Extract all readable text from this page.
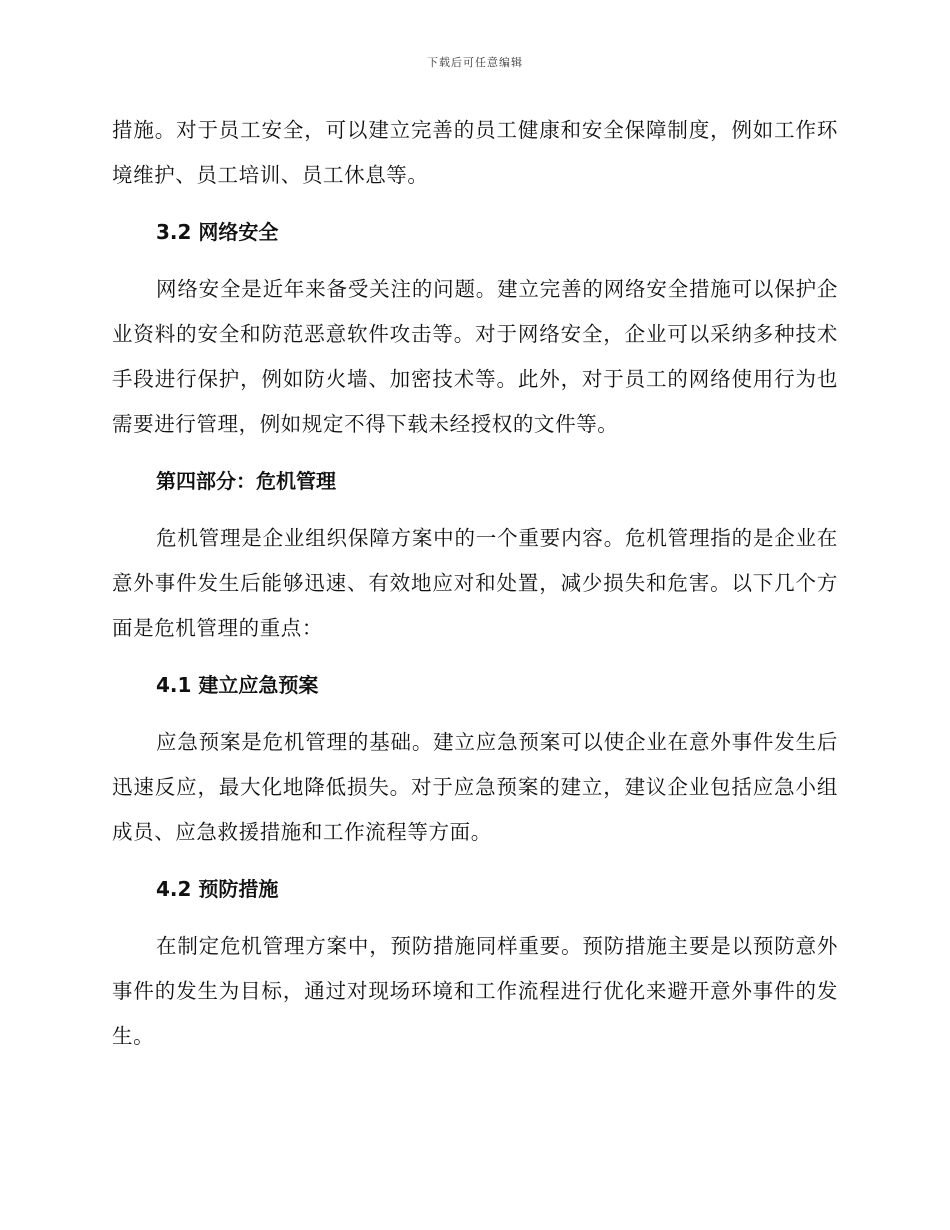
下载后可任意编辑

措施。对于员工安全，可以建立完善的员工健康和安全保障制度，例如工作环境维护、员工培训、员工休息等。

3.2 网络安全

网络安全是近年来备受关注的问题。建立完善的网络安全措施可以保护企业资料的安全和防范恶意软件攻击等。对于网络安全，企业可以采纳多种技术手段进行保护，例如防火墙、加密技术等。此外，对于员工的网络使用行为也需要进行管理，例如规定不得下载未经授权的文件等。

第四部分：危机管理

危机管理是企业组织保障方案中的一个重要内容。危机管理指的是企业在意外事件发生后能够迅速、有效地应对和处置，减少损失和危害。以下几个方面是危机管理的重点：

4.1 建立应急预案

应急预案是危机管理的基础。建立应急预案可以使企业在意外事件发生后迅速反应，最大化地降低损失。对于应急预案的建立，建议企业包括应急小组成员、应急救援措施和工作流程等方面。

4.2 预防措施

在制定危机管理方案中，预防措施同样重要。预防措施主要是以预防意外事件的发生为目标，通过对现场环境和工作流程进行优化来避开意外事件的发生。
